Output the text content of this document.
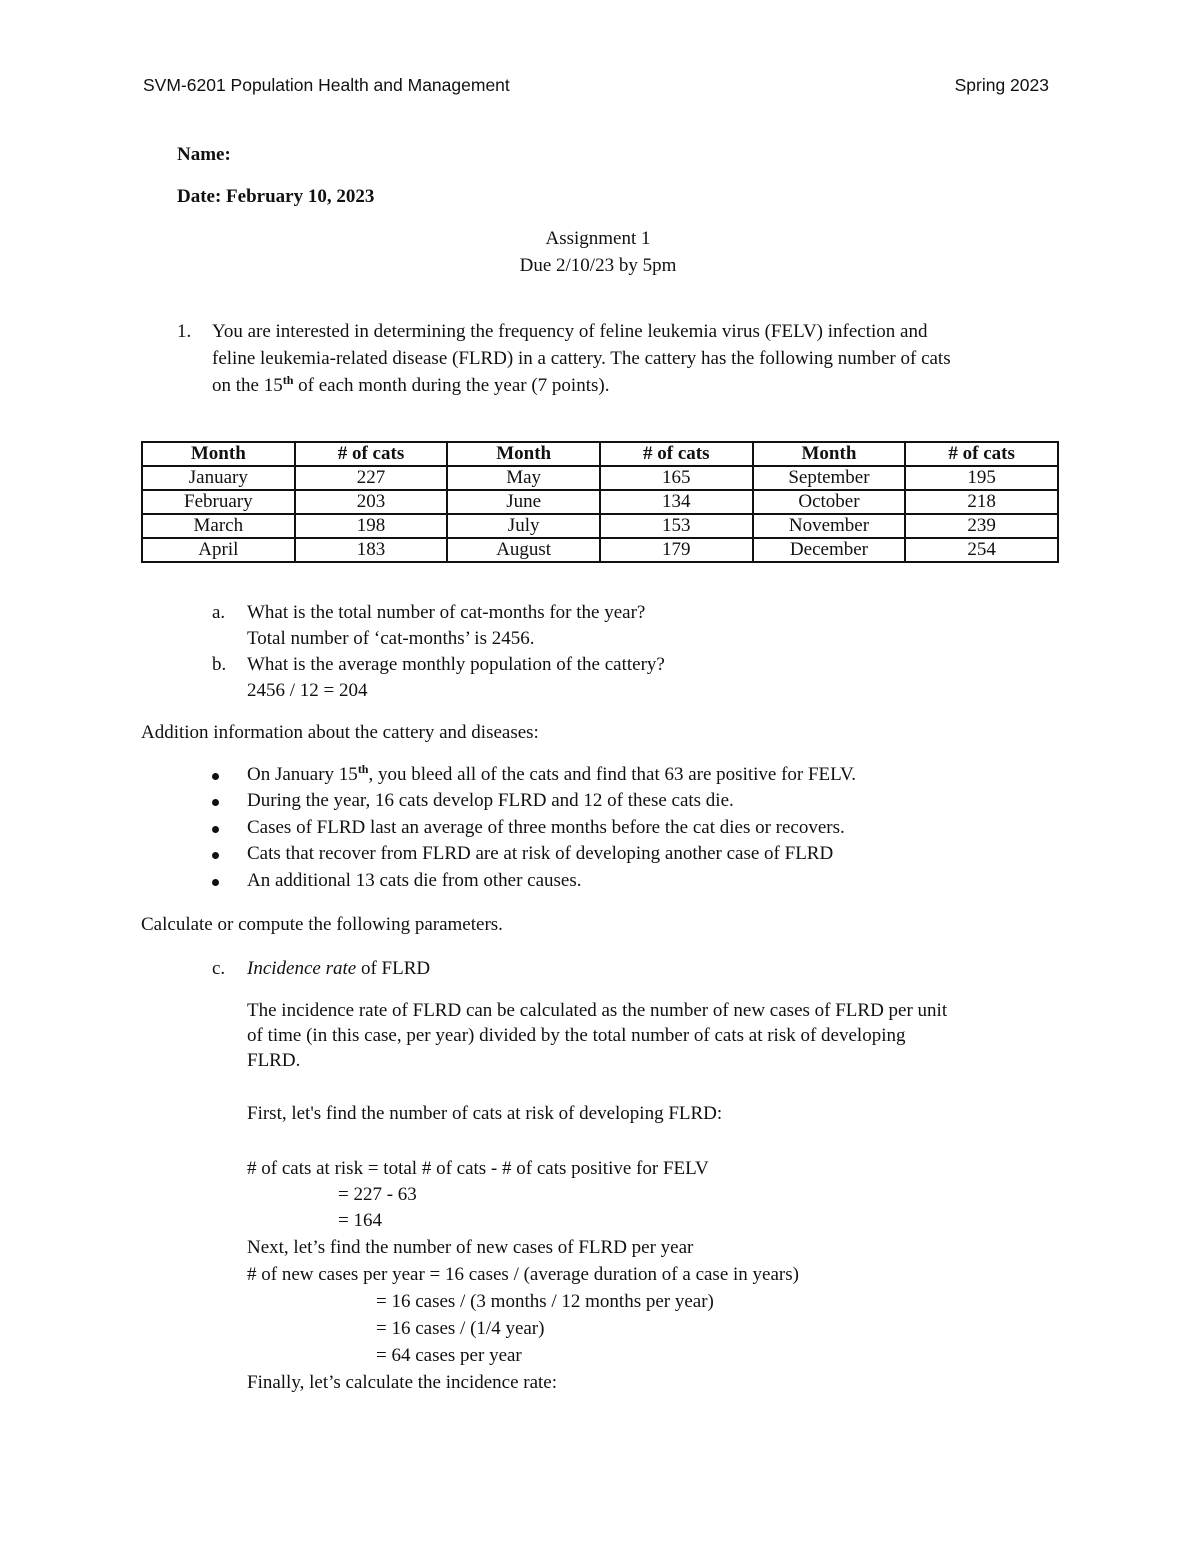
SVM-6201 Population Health and Management	Spring 2023
Name:
Date: February 10, 2023
Assignment 1
Due 2/10/23 by 5pm
1. You are interested in determining the frequency of feline leukemia virus (FELV) infection and
feline leukemia-related disease (FLRD) in a cattery. The cattery has the following number of cats
on the 15th of each month during the year (7 points).
Month	# of cats	Month	# of cats	Month	# of cats
January	227	May	165	September	195
February	203	June	134	October	218
March	198	July	153	November	239
April	183	August	179	December	254
a. What is the total number of cat-months for the year?
Total number of ‘cat-months’ is 2456.
b. What is the average monthly population of the cattery?
2456 / 12 = 204
Addition information about the cattery and diseases:
On January 15th, you bleed all of the cats and find that 63 are positive for FELV.
During the year, 16 cats develop FLRD and 12 of these cats die.
Cases of FLRD last an average of three months before the cat dies or recovers.
Cats that recover from FLRD are at risk of developing another case of FLRD
An additional 13 cats die from other causes.
Calculate or compute the following parameters.
c. Incidence rate of FLRD
The incidence rate of FLRD can be calculated as the number of new cases of FLRD per unit
of time (in this case, per year) divided by the total number of cats at risk of developing
FLRD.
First, let's find the number of cats at risk of developing FLRD:
# of cats at risk = total # of cats - # of cats positive for FELV
= 227 - 63
= 164
Next, let’s find the number of new cases of FLRD per year
# of new cases per year = 16 cases / (average duration of a case in years)
= 16 cases / (3 months / 12 months per year)
= 16 cases / (1/4 year)
= 64 cases per year
Finally, let’s calculate the incidence rate:
